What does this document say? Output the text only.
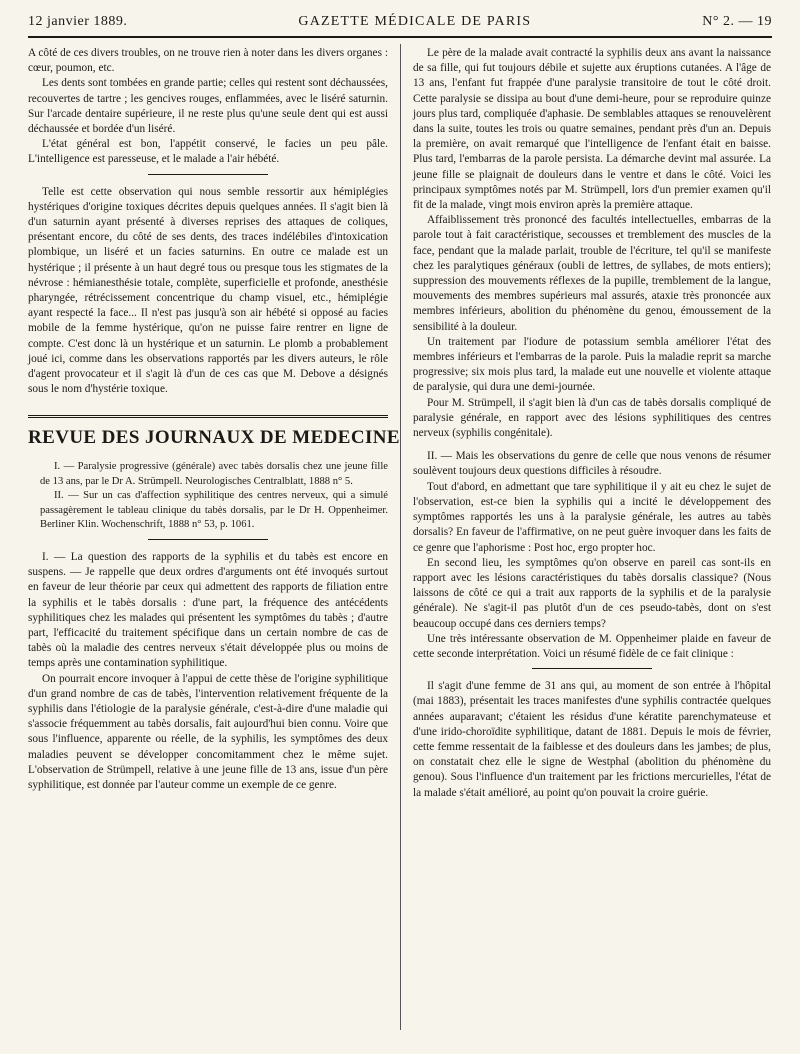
12 janvier 1889.	GAZETTE MÉDICALE DE PARIS	N° 2. — 19

A côté de ces divers troubles, on ne trouve rien à noter dans les divers organes : cœur, poumon, etc.

Les dents sont tombées en grande partie; celles qui restent sont déchaussées, recouvertes de tartre ; les gencives rouges, enflammées, avec le liséré saturnin. Sur l'arcade dentaire supérieure, il ne reste plus qu'une seule dent qui est aussi déchaussée et bordée d'un liséré.

L'état général est bon, l'appétit conservé, le facies un peu pâle. L'intelligence est paresseuse, et le malade a l'air hébété.

Telle est cette observation qui nous semble ressortir aux hémiplégies hystériques d'origine toxiques décrites depuis quelques années. Il s'agit bien là d'un saturnin ayant présenté à diverses reprises des attaques de coliques, présentant encore, du côté de ses dents, des traces indélébiles d'intoxication plombique, un liséré et un facies saturnins. En outre ce malade est un hystérique ; il présente à un haut degré tous ou presque tous les stigmates de la névrose : hémianesthésie totale, complète, superficielle et profonde, anesthésie pharyngée, rétrécissement concentrique du champ visuel, etc., hémiplégie ayant respecté la face... Il n'est pas jusqu'à son air hébété si opposé au facies mobile de la femme hystérique, qu'on ne puisse faire rentrer en ligne de compte. C'est donc là un hystérique et un saturnin. Le plomb a probablement joué ici, comme dans les observations rapportés par les divers auteurs, le rôle d'agent provocateur et il s'agit là d'un de ces cas que M. Debove a désignés sous le nom d'hystérie toxique.

REVUE DES JOURNAUX DE MEDECINE

I. — Paralysie progressive (générale) avec tabès dorsalis chez une jeune fille de 13 ans, par le Dr A. Strümpell. Neurologisches Centralblatt, 1888 n° 5.

II. — Sur un cas d'affection syphilitique des centres nerveux, qui a simulé passagèrement le tableau clinique du tabès dorsalis, par le Dr H. Oppenheimer. Berliner Klin. Wochenschrift, 1888 n° 53, p. 1061.

I. — La question des rapports de la syphilis et du tabès est encore en suspens. — Je rappelle que deux ordres d'arguments ont été invoqués surtout en faveur de leur théorie par ceux qui admettent des rapports de filiation entre la syphilis et le tabès dorsalis : d'une part, la fréquence des antécédents syphilitiques chez les malades qui présentent les symptômes du tabès ; d'autre part, l'efficacité du traitement spécifique dans un certain nombre de cas de tabès où la maladie des centres nerveux s'était développée plus ou moins de temps après une contamination syphilitique.

On pourrait encore invoquer à l'appui de cette thèse de l'origine syphilitique d'un grand nombre de cas de tabès, l'intervention relativement fréquente de la syphilis dans l'étiologie de la paralysie générale, c'est-à-dire d'une maladie qui s'associe fréquemment au tabès dorsalis, fait aujourd'hui bien connu. Voire que sous l'influence, apparente ou réelle, de la syphilis, les symptômes des deux maladies peuvent se développer concomitamment chez le même sujet. L'observation de Strümpell, relative à une jeune fille de 13 ans, issue d'un père syphilitique, est donnée par l'auteur comme un exemple de ce genre.

Le père de la malade avait contracté la syphilis deux ans avant la naissance de sa fille, qui fut toujours débile et sujette aux éruptions cutanées. A l'âge de 13 ans, l'enfant fut frappée d'une paralysie transitoire de tout le côté droit. Cette paralysie se dissipa au bout d'une demi-heure, pour se reproduire quinze jours plus tard, compliquée d'aphasie. De semblables attaques se renouvelèrent dans la suite, toutes les trois ou quatre semaines, pendant près d'un an. Depuis la première, on avait remarqué que l'intelligence de l'enfant était en baisse. Plus tard, l'embarras de la parole persista. La démarche devint mal assurée. La jeune fille se plaignait de douleurs dans le ventre et dans le côté. Voici les principaux symptômes notés par M. Strümpell, lors d'un premier examen qu'il fit de la malade, vingt mois environ après la première attaque.

Affaiblissement très prononcé des facultés intellectuelles, embarras de la parole tout à fait caractéristique, secousses et tremblement des muscles de la face, pendant que la malade parlait, trouble de l'écriture, tel qu'il se manifeste chez les paralytiques généraux (oubli de lettres, de syllabes, de mots entiers); suppression des mouvements réflexes de la pupille, tremblement de la langue, mouvements des membres supérieurs mal assurés, ataxie très prononcée aux membres inférieurs, abolition du phénomène du genou, émoussement de la sensibilité à la douleur.

Un traitement par l'iodure de potassium sembla améliorer l'état des membres inférieurs et l'embarras de la parole. Puis la maladie reprit sa marche progressive; six mois plus tard, la malade eut une nouvelle et violente attaque de paralysie, qui dura une demi-journée.

Pour M. Strümpell, il s'agit bien là d'un cas de tabès dorsalis compliqué de paralysie générale, en rapport avec des lésions syphilitiques des centres nerveux (syphilis congénitale).

II. — Mais les observations du genre de celle que nous venons de résumer soulèvent toujours deux questions difficiles à résoudre.

Tout d'abord, en admettant que tare syphilitique il y ait eu chez le sujet de l'observation, est-ce bien la syphilis qui a incité le développement des symptômes rapportés les uns à la paralysie générale, les autres au tabès dorsalis? En faveur de l'affirmative, on ne peut guère invoquer dans les faits de ce genre que l'aphorisme : Post hoc, ergo propter hoc.

En second lieu, les symptômes qu'on observe en pareil cas sont-ils en rapport avec les lésions caractéristiques du tabès dorsalis classique? (Nous laissons de côté ce qui a trait aux rapports de la syphilis et de la paralysie générale). Ne s'agit-il pas plutôt d'un de ces pseudo-tabès, dont on s'est beaucoup occupé dans ces derniers temps?

Une très intéressante observation de M. Oppenheimer plaide en faveur de cette seconde interprétation. Voici un résumé fidèle de ce fait clinique :

Il s'agit d'une femme de 31 ans qui, au moment de son entrée à l'hôpital (mai 1883), présentait les traces manifestes d'une syphilis contractée quelques années auparavant; c'étaient les résidus d'une kératite parenchymateuse et d'une irido-choroïdite syphilitique, datant de 1881. Depuis le mois de février, cette femme ressentait de la faiblesse et des douleurs dans les jambes; de plus, on constatait chez elle le signe de Westphal (abolition du phénomène du genou). Sous l'influence d'un traitement par les frictions mercurielles, l'état de la malade s'était amélioré, au point qu'on pouvait la croire guérie.
